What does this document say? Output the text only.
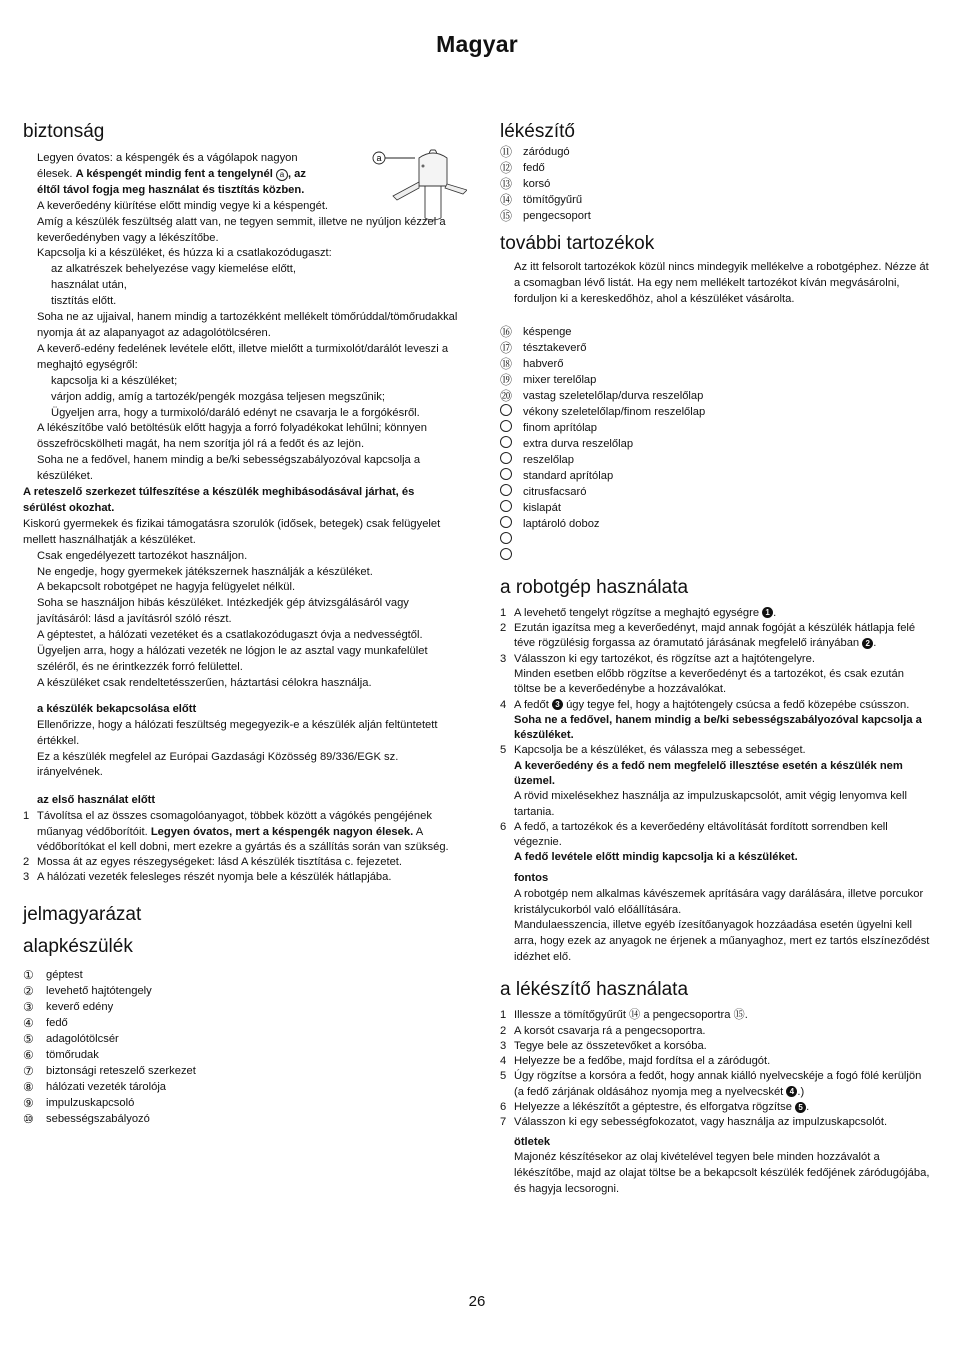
Magyar
biztonság
a

Legyen óvatos: a késpengék és a vágólapok nagyon élesek. A késpengét mindig fent a tengelynél a , az éltől távol fogja meg használat és tisztítás közben.

A keverőedény kiürítése előtt mindig vegye ki a késpengét.

Amíg a készülék feszültség alatt van, ne tegyen semmit, illetve ne nyúljon kézzel a keverőedényben vagy a lékészítőbe.

Kapcsolja ki a készüléket, és húzza ki a csatlakozódugaszt:

az alkatrészek behelyezése vagy kiemelése előtt,

használat után,

tisztítás előtt.

Soha ne az ujjaival, hanem mindig a tartozékként mellékelt tömőrúddal/tömőrudakkal nyomja át az alapanyagot az adagolótölcséren.

A keverő-edény fedelének levétele előtt, illetve mielőtt a turmixolót/darálót leveszi a meghajtó egységről:

kapcsolja ki a készüléket;

várjon addig, amíg a tartozék/pengék mozgása teljesen megszűnik;

Ügyeljen arra, hogy a turmixoló/daráló edényt ne csavarja le a forgókésről.

A lékészítőbe való betöltésük előtt hagyja a forró folyadékokat lehűlni; könnyen összefröcskölheti magát, ha nem szorítja jól rá a fedőt és az lejön.

Soha ne a fedővel, hanem mindig a be/ki sebességszabályozóval kapcsolja a készüléket.

A reteszelő szerkezet túlfeszítése a készülék meghibásodásával járhat, és sérülést okozhat.

Kiskorú gyermekek és fizikai támogatásra szorulók (idősek, betegek) csak felügyelet mellett használhatják a készüléket.

Csak engedélyezett tartozékot használjon.

Ne engedje, hogy gyermekek játékszernek használják a készüléket.

A bekapcsolt robotgépet ne hagyja felügyelet nélkül.

Soha se használjon hibás készüléket. Intézkedjék gép átvizsgálásáról vagy javításáról: lásd a javításról szóló részt.

A géptestet, a hálózati vezetéket és a csatlakozódugaszt óvja a nedvességtől. Ügyeljen arra, hogy a hálózati vezeték ne lógjon le az asztal vagy munkafelület széléről, és ne érintkezzék forró felülettel.

A készüléket csak rendeltetésszerűen, háztartási célokra használja.

a készülék bekapcsolása előtt

Ellenőrizze, hogy a hálózati feszültség megegyezik-e a készülék alján feltüntetett értékkel.

Ez a készülék megfelel az Európai Gazdasági Közösség 89/336/EGK sz. irányelvének.

az első használat előtt
1 Távolítsa el az összes csomagolóanyagot, többek között a vágókés pengéjének műanyag védőborítóit. Legyen óvatos, mert a késpengék nagyon élesek. A védőborítókat el kell dobni, mert ezekre a gyártás és a szállítás során van szükség.
2 Mossa át az egyes részegységeket: lásd A készülék tisztítása c. fejezetet.
3 A hálózati vezeték felesleges részét nyomja bele a készülék hátlapjába.
jelmagyarázat
alapkészülék
①	géptest
②	levehető hajtótengely
③	keverő edény
④	fedő
⑤	adagolótölcsér
⑥	tömőrudak
⑦	biztonsági reteszelő szerkezet
⑧	hálózati vezeték tárolója
⑨	impulzuskapcsoló
⑩	sebességszabályozó
lékészítő
⑪ záródugó
⑫ fedő
⑬ korsó
⑭ tömítőgyűrű
⑮ pengecsoport
további tartozékok

Az itt felsorolt tartozékok közül nincs mindegyik mellékelve a robotgéphez. Nézze át a csomagban lévő listát. Ha egy nem mellékelt tartozékot kíván megvásárolni, forduljon ki a kereskedőhöz, ahol a készüléket vásárolta.

⑯ késpenge
⑰ tésztakeverő
⑱ habverő
⑲ mixer terelőlap
⑳ vastag szeletelőlap/durva reszelőlap
vékony szeletelőlap/finom reszelőlap
finom aprítólap
extra durva reszelőlap
reszelőlap
standard aprítólap
citrusfacsaró
kislapát
laptároló doboz
a robotgép használata
1 A levehető tengelyt rögzítse a meghajtó egységre 1 .
2 Ezután igazítsa meg a keverőedényt, majd annak fogóját a készülék hátlapja felé téve rögzülésig forgassa az óramutató járásának megfelelő irányában 2 .
3 Válasszon ki egy tartozékot, és rögzítse azt a hajtótengelyre.
Minden esetben előbb rögzítse a keverőedényt és a tartozékot, és csak ezután töltse be a keverőedénybe a hozzávalókat.
4 A fedőt 3 úgy tegye fel, hogy a hajtótengely csúcsa a fedő közepébe csússzon.
Soha ne a fedővel, hanem mindig a be/ki sebességszabályozóval kapcsolja a készüléket.
5 Kapcsolja be a készüléket, és válassza meg a sebességet.
A keverőedény és a fedő nem megfelelő illesztése esetén a készülék nem üzemel.
A rövid mixelésekhez használja az impulzuskapcsolót, amit végig lenyomva kell tartania.
6 A fedő, a tartozékok és a keverőedény eltávolítását fordított sorrendben kell végeznie.
A fedő levétele előtt mindig kapcsolja ki a készüléket.
fontos

A robotgép nem alkalmas kávészemek aprítására vagy darálására, illetve porcukor kristálycukorból való előállítására.

Mandulaesszencia, illetve egyéb ízesítőanyagok hozzáadása esetén ügyelni kell arra, hogy ezek az anyagok ne érjenek a műanyaghoz, mert ez tartós elszíneződést idézhet elő.

a lékészítő használata
1 Illessze a tömítőgyűrűt ⑭ a pengecsoportra ⑮.
2 A korsót csavarja rá a pengecsoportra.
3 Tegye bele az összetevőket a korsóba.
4 Helyezze be a fedőbe, majd fordítsa el a záródugót.
5 Úgy rögzítse a korsóra a fedőt, hogy annak kiálló nyelvecskéje a fogó fölé kerüljön (a fedő zárjának oldásához nyomja meg a nyelvecskét 4 .)
6 Helyezze a lékészítőt a géptestre, és elforgatva rögzítse 5 .
7 Válasszon ki egy sebességfokozatot, vagy használja az impulzuskapcsolót.
ötletek

Majonéz készítésekor az olaj kivételével tegyen bele minden hozzávalót a lékészítőbe, majd az olajat töltse be a bekapcsolt készülék fedőjének záródugójába, és hagyja lecsorogni.

26
